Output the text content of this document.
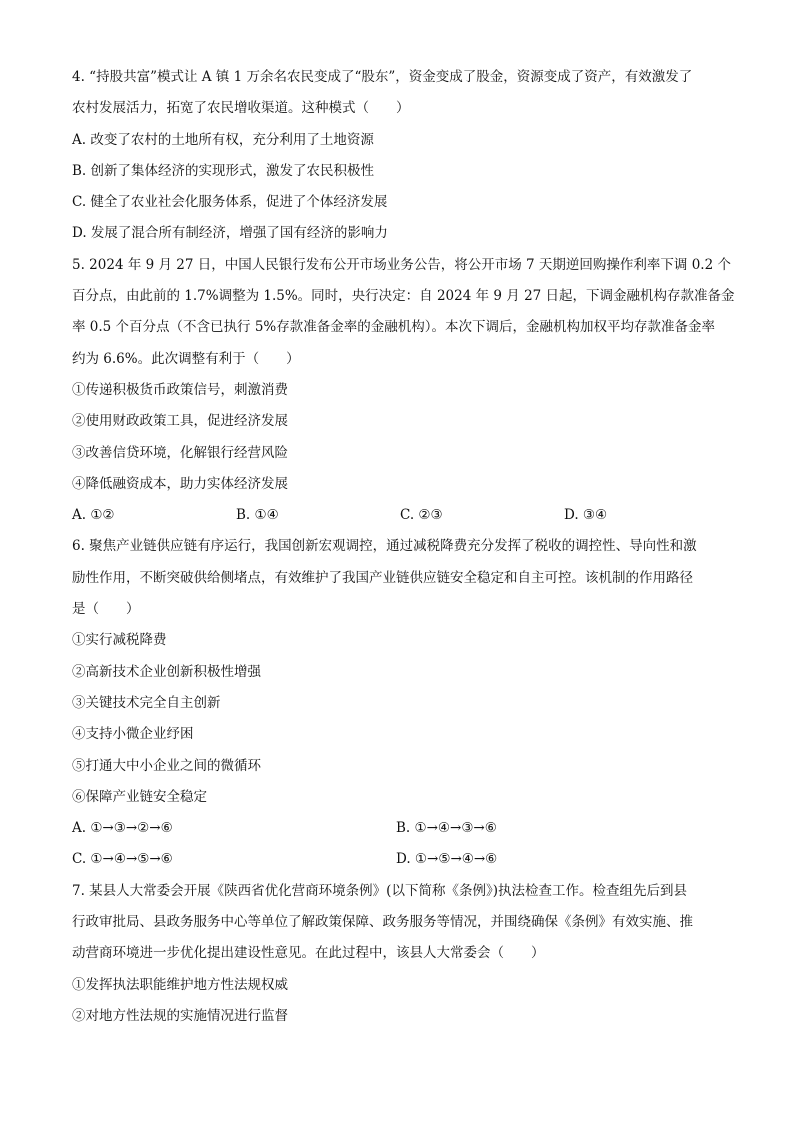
4. “持股共富”模式让 A 镇 1 万余名农民变成了“股东”，资金变成了股金，资源变成了资产，有效激发了
农村发展活力，拓宽了农民增收渠道。这种模式（　　）
A. 改变了农村的土地所有权，充分利用了土地资源
B. 创新了集体经济的实现形式，激发了农民积极性
C. 健全了农业社会化服务体系，促进了个体经济发展
D. 发展了混合所有制经济，增强了国有经济的影响力
5. 2024 年 9 月 27 日，中国人民银行发布公开市场业务公告，将公开市场 7 天期逆回购操作利率下调 0.2 个
百分点，由此前的 1.7%调整为 1.5%。同时，央行决定：自 2024 年 9 月 27 日起，下调金融机构存款准备金
率 0.5 个百分点（不含已执行 5%存款准备金率的金融机构）。本次下调后，金融机构加权平均存款准备金率
约为 6.6%。此次调整有利于（　　）
①传递积极货币政策信号，刺激消费
②使用财政政策工具，促进经济发展
③改善信贷环境，化解银行经营风险
④降低融资成本，助力实体经济发展
A. ①②	B. ①④	C. ②③	D. ③④
6. 聚焦产业链供应链有序运行，我国创新宏观调控，通过减税降费充分发挥了税收的调控性、导向性和激
励性作用，不断突破供给侧堵点，有效维护了我国产业链供应链安全稳定和自主可控。该机制的作用路径
是（　　）
①实行减税降费
②高新技术企业创新积极性增强
③关键技术完全自主创新
④支持小微企业纾困
⑤打通大中小企业之间的微循环
⑥保障产业链安全稳定
A. ①→③→②→⑥	B. ①→④→③→⑥
C. ①→④→⑤→⑥	D. ①→⑤→④→⑥
7. 某县人大常委会开展《陕西省优化营商环境条例》(以下简称《条例》)执法检查工作。检查组先后到县
行政审批局、县政务服务中心等单位了解政策保障、政务服务等情况，并围绕确保《条例》有效实施、推
动营商环境进一步优化提出建设性意见。在此过程中，该县人大常委会（　　）
①发挥执法职能维护地方性法规权威
②对地方性法规的实施情况进行监督
